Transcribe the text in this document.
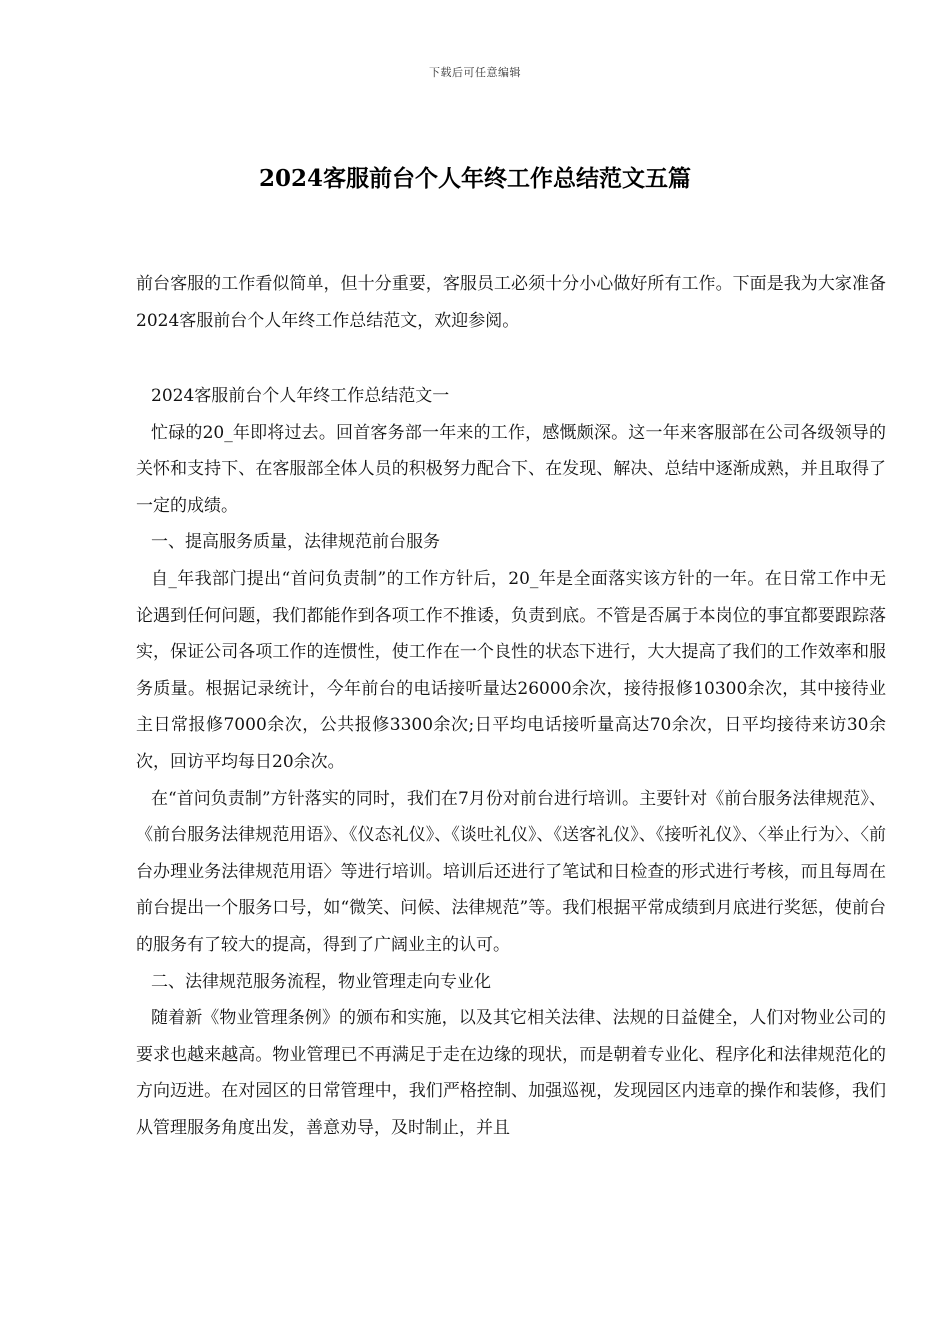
下载后可任意编辑
2024客服前台个人年终工作总结范文五篇

前台客服的工作看似简单，但十分重要，客服员工必须十分小心做好所有工作。下面是我为大家准备2024客服前台个人年终工作总结范文，欢迎参阅。

2024客服前台个人年终工作总结范文一

忙碌的20_年即将过去。回首客务部一年来的工作，感慨颇深。这一年来客服部在公司各级领导的关怀和支持下、在客服部全体人员的积极努力配合下、在发现、解决、总结中逐渐成熟，并且取得了一定的成绩。

一、提高服务质量，法律规范前台服务

自_年我部门提出“首问负责制”的工作方针后，20_年是全面落实该方针的一年。在日常工作中无论遇到任何问题，我们都能作到各项工作不推诿，负责到底。不管是否属于本岗位的事宜都要跟踪落实，保证公司各项工作的连惯性，使工作在一个良性的状态下进行，大大提高了我们的工作效率和服务质量。根据记录统计，今年前台的电话接听量达26000余次，接待报修10300余次，其中接待业主日常报修7000余次，公共报修3300余次;日平均电话接听量高达70余次，日平均接待来访30余次，回访平均每日20余次。

在“首问负责制”方针落实的同时，我们在7月份对前台进行培训。主要针对《前台服务法律规范》、《前台服务法律规范用语》、《仪态礼仪》、《谈吐礼仪》、《送客礼仪》、《接听礼仪》、〈举止行为〉、〈前台办理业务法律规范用语〉等进行培训。培训后还进行了笔试和日检查的形式进行考核，而且每周在前台提出一个服务口号，如“微笑、问候、法律规范”等。我们根据平常成绩到月底进行奖惩，使前台的服务有了较大的提高，得到了广阔业主的认可。

二、法律规范服务流程，物业管理走向专业化

随着新《物业管理条例》的颁布和实施，以及其它相关法律、法规的日益健全，人们对物业公司的要求也越来越高。物业管理已不再满足于走在边缘的现状，而是朝着专业化、程序化和法律规范化的方向迈进。在对园区的日常管理中，我们严格控制、加强巡视，发现园区内违章的操作和装修，我们从管理服务角度出发，善意劝导，及时制止，并且
